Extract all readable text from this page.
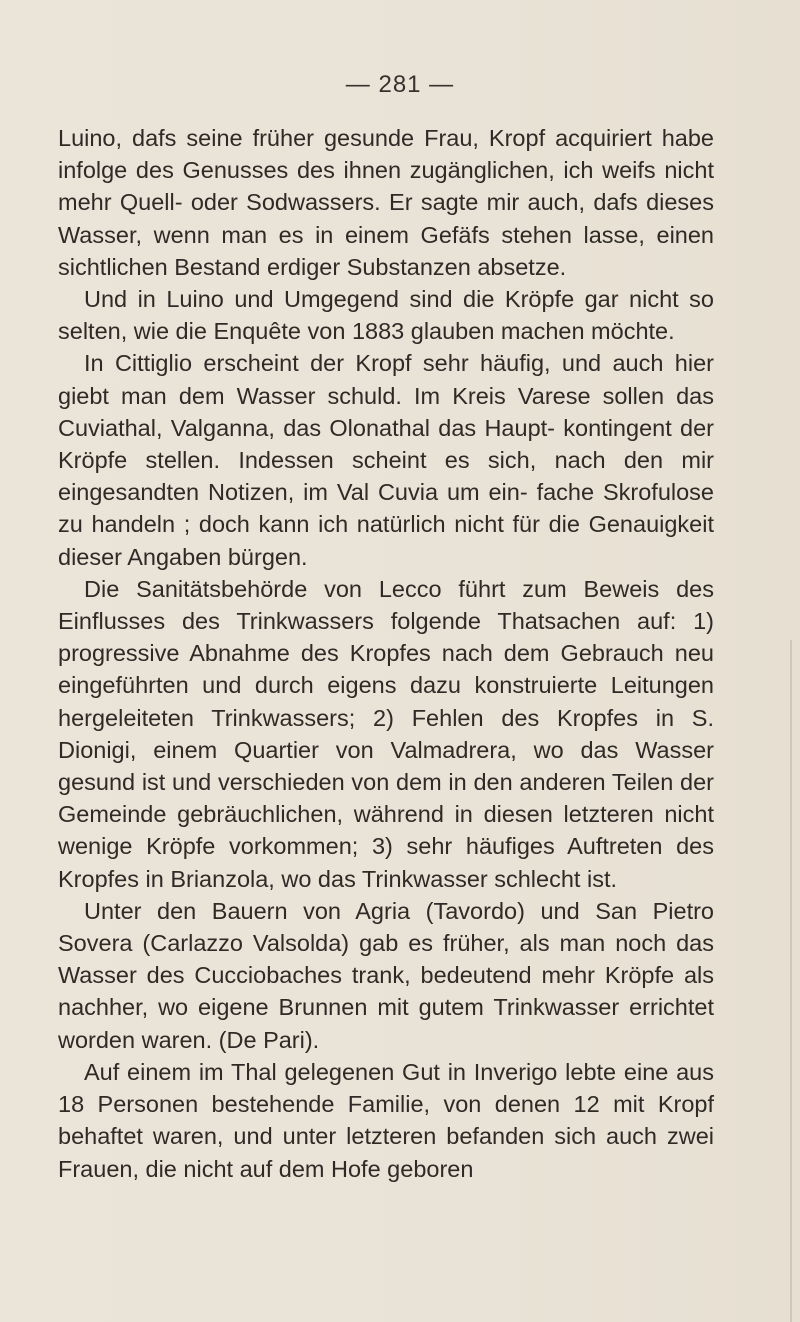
— 281 —

Luino, dafs seine früher gesunde Frau, Kropf acquiriert habe infolge des Genusses des ihnen zugänglichen, ich weifs nicht mehr Quell- oder Sodwassers. Er sagte mir auch, dafs dieses Wasser, wenn man es in einem Gefäfs stehen lasse, einen sichtlichen Bestand erdiger Substanzen absetze.

Und in Luino und Umgegend sind die Kröpfe gar nicht so selten, wie die Enquête von 1883 glauben machen möchte.

In Cittiglio erscheint der Kropf sehr häufig, und auch hier giebt man dem Wasser schuld. Im Kreis Varese sollen das Cuviathal, Valganna, das Olonathal das Haupt- kontingent der Kröpfe stellen. Indessen scheint es sich, nach den mir eingesandten Notizen, im Val Cuvia um ein- fache Skrofulose zu handeln ; doch kann ich natürlich nicht für die Genauigkeit dieser Angaben bürgen.

Die Sanitätsbehörde von Lecco führt zum Beweis des Einflusses des Trinkwassers folgende Thatsachen auf: 1) progressive Abnahme des Kropfes nach dem Gebrauch neu eingeführten und durch eigens dazu konstruierte Leitungen hergeleiteten Trinkwassers; 2) Fehlen des Kropfes in S. Dionigi, einem Quartier von Valmadrera, wo das Wasser gesund ist und verschieden von dem in den anderen Teilen der Gemeinde gebräuchlichen, während in diesen letzteren nicht wenige Kröpfe vorkommen; 3) sehr häufiges Auftreten des Kropfes in Brianzola, wo das Trinkwasser schlecht ist.

Unter den Bauern von Agria (Tavordo) und San Pietro Sovera (Carlazzo Valsolda) gab es früher, als man noch das Wasser des Cucciobaches trank, bedeutend mehr Kröpfe als nachher, wo eigene Brunnen mit gutem Trinkwasser errichtet worden waren. (De Pari).

Auf einem im Thal gelegenen Gut in Inverigo lebte eine aus 18 Personen bestehende Familie, von denen 12 mit Kropf behaftet waren, und unter letzteren befanden sich auch zwei Frauen, die nicht auf dem Hofe geboren
